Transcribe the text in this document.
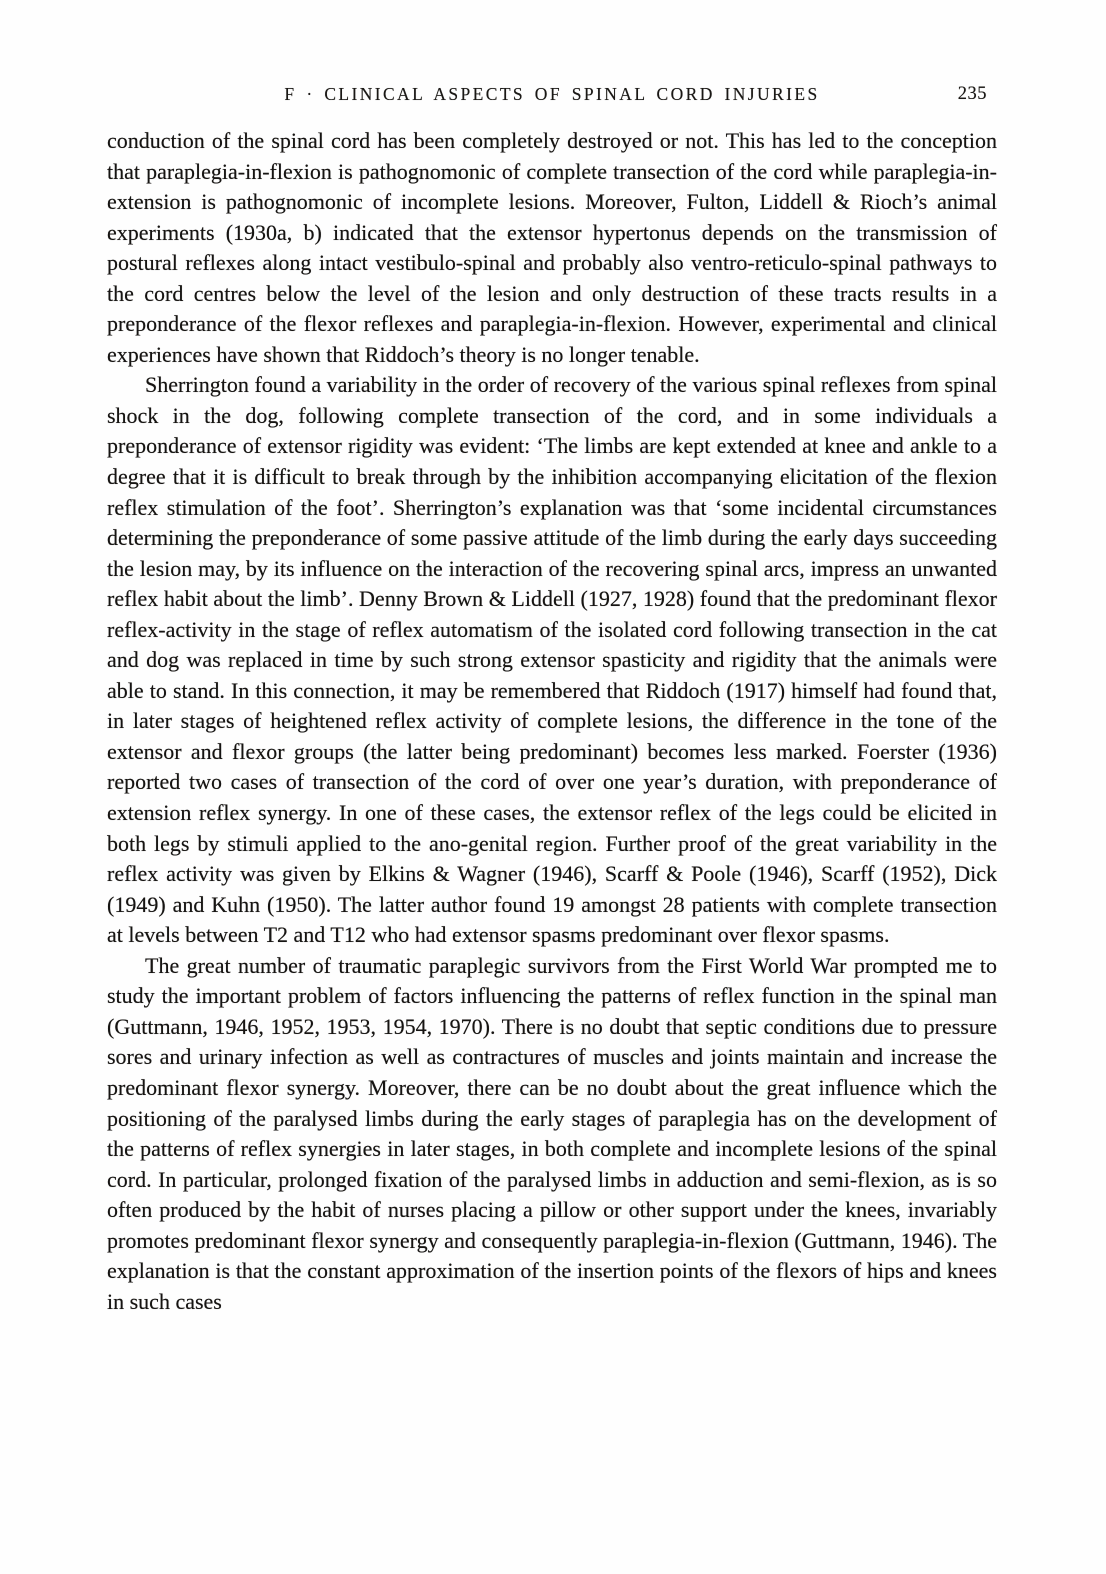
F · CLINICAL ASPECTS OF SPINAL CORD INJURIES	235

conduction of the spinal cord has been completely destroyed or not. This has led to the conception that paraplegia-in-flexion is pathognomonic of complete transection of the cord while paraplegia-in-extension is pathognomonic of incomplete lesions. Moreover, Fulton, Liddell & Rioch’s animal experiments (1930a, b) indicated that the extensor hypertonus depends on the transmission of postural reflexes along intact vestibulo-spinal and probably also ventro-reticulo-spinal pathways to the cord centres below the level of the lesion and only destruction of these tracts results in a preponderance of the flexor reflexes and paraplegia-in-flexion. However, experimental and clinical experiences have shown that Riddoch’s theory is no longer tenable.

Sherrington found a variability in the order of recovery of the various spinal reflexes from spinal shock in the dog, following complete transection of the cord, and in some individuals a preponderance of extensor rigidity was evident: ‘The limbs are kept extended at knee and ankle to a degree that it is difficult to break through by the inhibition accompanying elicitation of the flexion reflex stimulation of the foot’. Sherrington’s explanation was that ‘some incidental circumstances determining the preponderance of some passive attitude of the limb during the early days succeeding the lesion may, by its influence on the interaction of the recovering spinal arcs, impress an unwanted reflex habit about the limb’. Denny Brown & Liddell (1927, 1928) found that the predominant flexor reflex-activity in the stage of reflex automatism of the isolated cord following transection in the cat and dog was replaced in time by such strong extensor spasticity and rigidity that the animals were able to stand. In this connection, it may be remembered that Riddoch (1917) himself had found that, in later stages of heightened reflex activity of complete lesions, the difference in the tone of the extensor and flexor groups (the latter being predominant) becomes less marked. Foerster (1936) reported two cases of transection of the cord of over one year’s duration, with preponderance of extension reflex synergy. In one of these cases, the extensor reflex of the legs could be elicited in both legs by stimuli applied to the ano-genital region. Further proof of the great variability in the reflex activity was given by Elkins & Wagner (1946), Scarff & Poole (1946), Scarff (1952), Dick (1949) and Kuhn (1950). The latter author found 19 amongst 28 patients with complete transection at levels between T2 and T12 who had extensor spasms predominant over flexor spasms.

The great number of traumatic paraplegic survivors from the First World War prompted me to study the important problem of factors influencing the patterns of reflex function in the spinal man (Guttmann, 1946, 1952, 1953, 1954, 1970). There is no doubt that septic conditions due to pressure sores and urinary infection as well as contractures of muscles and joints maintain and increase the predominant flexor synergy. Moreover, there can be no doubt about the great influence which the positioning of the paralysed limbs during the early stages of paraplegia has on the development of the patterns of reflex synergies in later stages, in both complete and incomplete lesions of the spinal cord. In particular, prolonged fixation of the paralysed limbs in adduction and semi-flexion, as is so often produced by the habit of nurses placing a pillow or other support under the knees, invariably promotes predominant flexor synergy and consequently paraplegia-in-flexion (Guttmann, 1946). The explanation is that the constant approximation of the insertion points of the flexors of hips and knees in such cases
